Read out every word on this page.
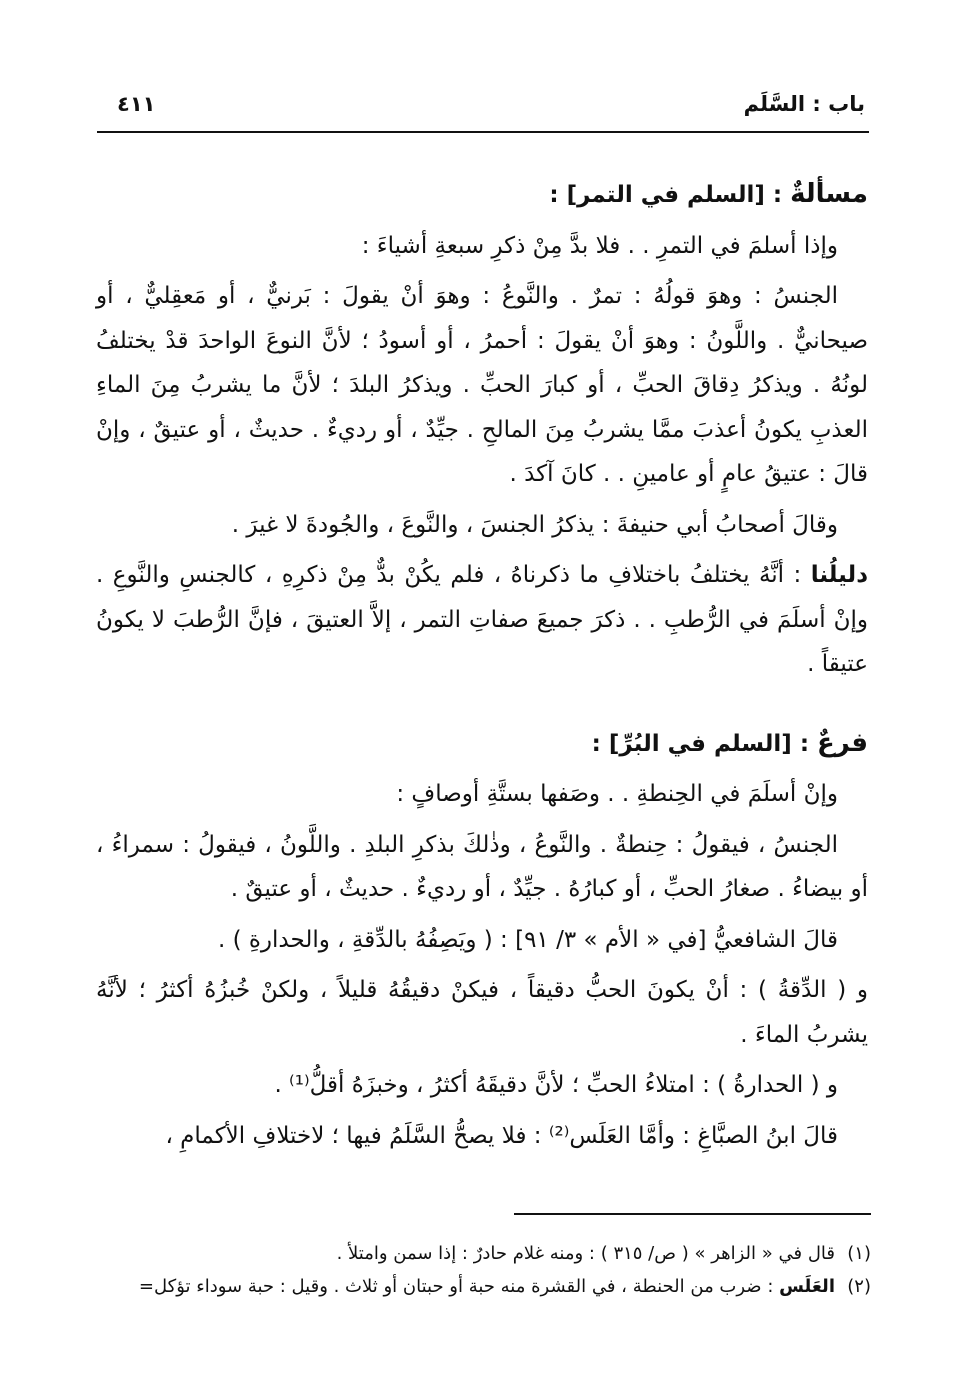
باب : السَّلَم
٤١١

مسألةٌ : [السلم في التمر] :

وإذا أسلمَ في التمرِ . . فلا بدَّ مِنْ ذكرِ سبعةِ أشياءَ :

الجنسُ : وهوَ قولُهُ : تمرٌ . والنَّوعُ : وهوَ أنْ يقولَ : بَرنيٌّ ، أو مَعقِليٌّ ، أو صيحانيٌّ . واللَّونُ : وهوَ أنْ يقولَ : أحمرُ ، أو أسودُ ؛ لأنَّ النوعَ الواحدَ قدْ يختلفُ لونُهُ . ويذكرُ دِقاقَ الحبِّ ، أو كبارَ الحبِّ . ويذكرُ البلدَ ؛ لأنَّ ما يشربُ مِنَ الماءِ العذبِ يكونُ أعذبَ ممَّا يشربُ مِنَ المالحِ . جيِّدٌ ، أو رديءٌ . حديثٌ ، أو عتيقٌ ، وإنْ قالَ : عتيقُ عامٍ أو عامينِ . . كانَ آكدَ .

وقالَ أصحابُ أبي حنيفةَ : يذكرُ الجنسَ ، والنَّوعَ ، والجُودةَ لا غيرَ .

دليلُنا : أنَّهُ يختلفُ باختلافِ ما ذكرناهُ ، فلم يكُنْ بدٌّ مِنْ ذكرِهِ ، كالجنسِ والنَّوعِ . وإنْ أسلَمَ في الرُّطبِ . . ذكرَ جميعَ صفاتِ التمر ، إلاَّ العتيقَ ، فإنَّ الرُّطبَ لا يكونُ عتيقاً .

فرعٌ : [السلم في البُرِّ] :

وإنْ أسلَمَ في الحِنطةِ . . وصَفها بستَّةِ أوصافٍ :

الجنسُ ، فيقولُ : حِنطةٌ . والنَّوعُ ، وذٰلكَ بذكرِ البلدِ . واللَّونُ ، فيقولُ : سمراءُ ، أو بيضاءُ . صغارُ الحبِّ ، أو كبارُهُ . جيِّدٌ ، أو رديءٌ . حديثٌ ، أو عتيقٌ .

قالَ الشافعيُّ [في « الأم » ٣/ ٩١] : ( ويَصِفُهُ بالدِّقةِ ، والحدارةِ ) .

و ( الدِّقةُ ) : أنْ يكونَ الحبُّ دقيقاً ، فيكنْ دقيقُهُ قليلاً ، ولكنْ خُبزُهُ أكثرُ ؛ لأنَّهُ يشربُ الماءَ .

و ( الحدارةُ ) : امتلاءُ الحبِّ ؛ لأنَّ دقيقَهُ أكثرُ ، وخبزَهُ أقلُّ⁽¹⁾ .

قالَ ابنُ الصبَّاغِ : وأمَّا العَلَس⁽²⁾ : فلا يصحُّ السَّلَمُ فيها ؛ لاختلافِ الأكمامِ ،

(١)قال في « الزاهر » ( ص/ ٣١٥ ) : ومنه غلام حادرٌ : إذا سمن وامتلأ .

(٢)العَلَس : ضرب من الحنطة ، في القشرة منه حبة أو حبتان أو ثلاث . وقيل : حبة سوداء تؤكل=
